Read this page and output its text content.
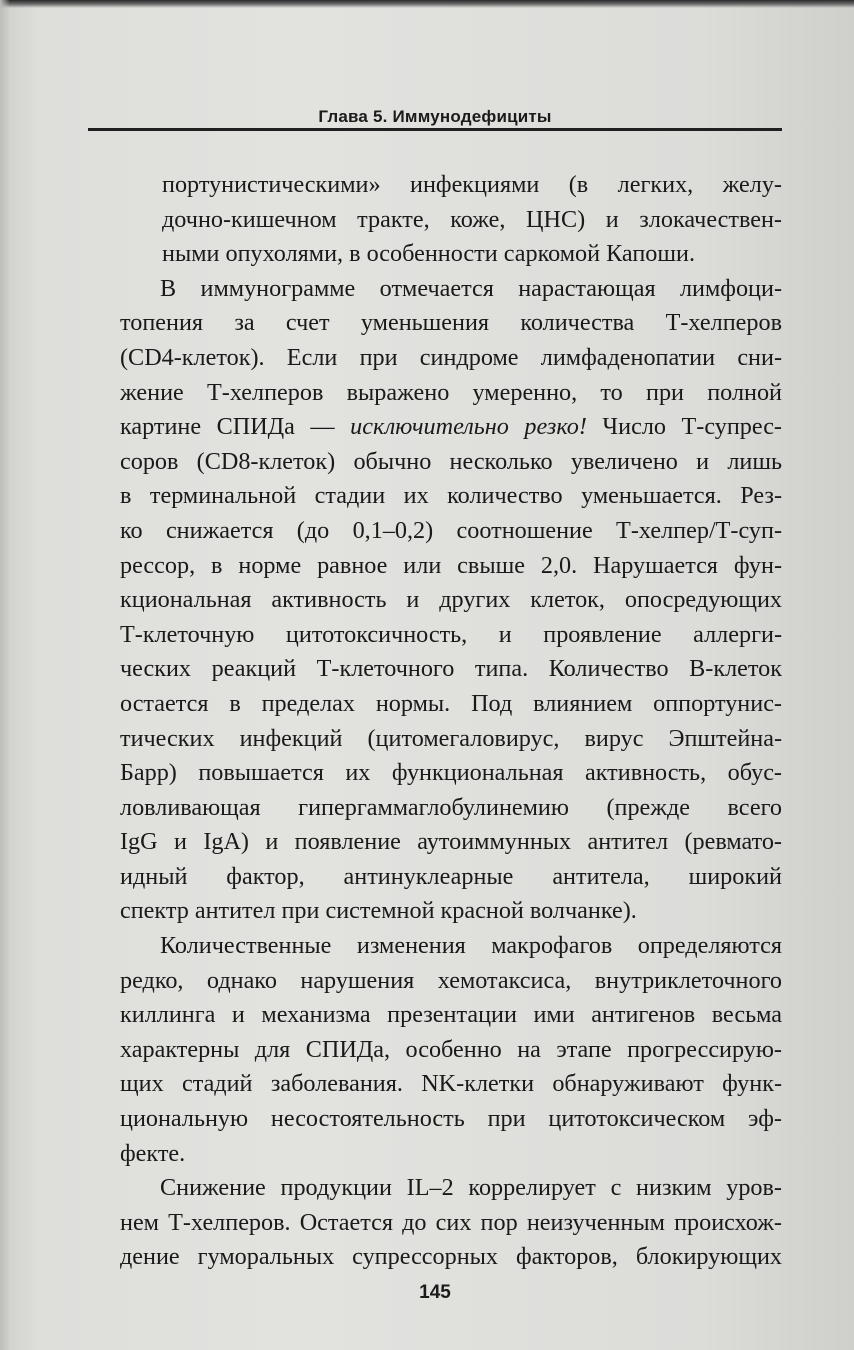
Глава 5. Иммунодефициты
портунистическими» инфекциями (в легких, желу-
дочно-кишечном тракте, коже, ЦНС) и злокачествен-
ными опухолями, в особенности саркомой Капоши.
В иммунограмме отмечается нарастающая лимфоци-
топения за счет уменьшения количества Т-хелперов
(CD4-клеток). Если при синдроме лимфаденопатии сни-
жение Т-хелперов выражено умеренно, то при полной
картине СПИДа — исключительно резко! Число Т-супрес-
соров (CD8-клеток) обычно несколько увеличено и лишь
в терминальной стадии их количество уменьшается. Рез-
ко снижается (до 0,1–0,2) соотношение Т-хелпер/Т-суп-
рессор, в норме равное или свыше 2,0. Нарушается фун-
кциональная активность и других клеток, опосредующих
Т-клеточную цитотоксичность, и проявление аллерги-
ческих реакций Т-клеточного типа. Количество В-клеток
остается в пределах нормы. Под влиянием оппортунис-
тических инфекций (цитомегаловирус, вирус Эпштейна-
Барр) повышается их функциональная активность, обус-
ловливающая гипергаммаглобулинемию (прежде всего
IgG и IgA) и появление аутоиммунных антител (ревмато-
идный фактор, антинуклеарные антитела, широкий
спектр антител при системной красной волчанке).
Количественные изменения макрофагов определяются
редко, однако нарушения хемотаксиса, внутриклеточного
киллинга и механизма презентации ими антигенов весьма
характерны для СПИДа, особенно на этапе прогрессирую-
щих стадий заболевания. NK-клетки обнаруживают функ-
циональную несостоятельность при цитотоксическом эф-
фекте.
Снижение продукции IL–2 коррелирует с низким уров-
нем Т-хелперов. Остается до сих пор неизученным происхож-
дение гуморальных супрессорных факторов, блокирующих
145
